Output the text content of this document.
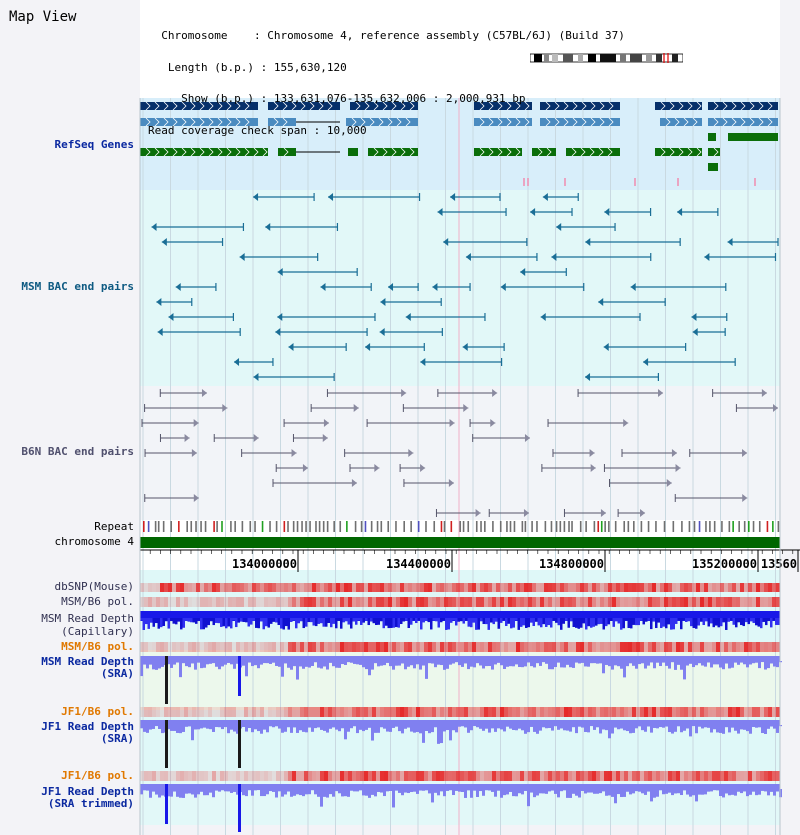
134000000	134400000	134800000	135200000 13560
Map View

Chromosome    : Chromosome 4, reference assembly (C57BL/6J) (Build 37)

Length (b.p.) : 155,630,120

Show (b.p.) : 133,631,076-135,632,006 : 2,000,931 bp

Read coverage check span : 10,000

RefSeq Genes
MSM BAC end pairs
B6N BAC end pairs
Repeat
chromosome 4
dbSNP(Mouse)
MSM/B6 pol.
MSM Read Depth
(Capillary)
MSM/B6 pol.
MSM Read Depth
(SRA)
JF1/B6 pol.
JF1 Read Depth
(SRA)
JF1/B6 pol.
JF1 Read Depth
(SRA trimmed)
